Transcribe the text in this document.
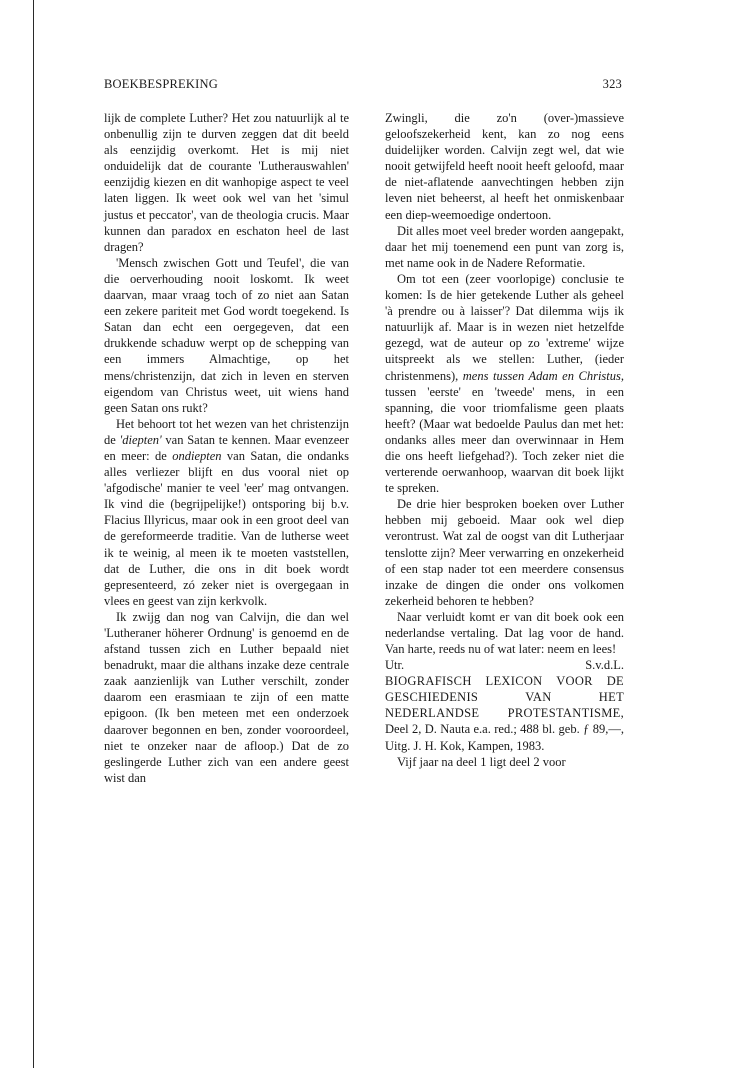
BOEKBESPREKING	323

lijk de complete Luther? Het zou natuurlijk al te onbenullig zijn te durven zeggen dat dit beeld als eenzijdig overkomt. Het is mij niet onduidelijk dat de courante 'Lutherauswahlen' eenzijdig kiezen en dit wanhopige aspect te veel laten liggen. Ik weet ook wel van het 'simul justus et peccator', van de theologia crucis. Maar kunnen dan paradox en eschaton heel de last dragen?

'Mensch zwischen Gott und Teufel', die van die oerverhouding nooit loskomt. Ik weet daarvan, maar vraag toch of zo niet aan Satan een zekere pariteit met God wordt toegekend. Is Satan dan echt een oergegeven, dat een drukkende schaduw werpt op de schepping van een immers Almachtige, op het mens/christenzijn, dat zich in leven en sterven eigendom van Christus weet, uit wiens hand geen Satan ons rukt?

Het behoort tot het wezen van het christenzijn de 'diepten' van Satan te kennen. Maar evenzeer en meer: de ondiepten van Satan, die ondanks alles verliezer blijft en dus vooral niet op 'afgodische' manier te veel 'eer' mag ontvangen. Ik vind die (begrijpelijke!) ontsporing bij b.v. Flacius Illyricus, maar ook in een groot deel van de gereformeerde traditie. Van de lutherse weet ik te weinig, al meen ik te moeten vaststellen, dat de Luther, die ons in dit boek wordt gepresenteerd, zó zeker niet is overgegaan in vlees en geest van zijn kerkvolk.

Ik zwijg dan nog van Calvijn, die dan wel 'Lutheraner höherer Ordnung' is genoemd en de afstand tussen zich en Luther bepaald niet benadrukt, maar die althans inzake deze centrale zaak aanzienlijk van Luther verschilt, zonder daarom een erasmiaan te zijn of een matte epigoon. (Ik ben meteen met een onderzoek daarover begonnen en ben, zonder vooroordeel, niet te onzeker naar de afloop.) Dat de zo geslingerde Luther zich van een andere geest wist dan

Zwingli, die zo'n (over-)massieve geloofszekerheid kent, kan zo nog eens duidelijker worden. Calvijn zegt wel, dat wie nooit getwijfeld heeft nooit heeft geloofd, maar de niet-aflatende aanvechtingen hebben zijn leven niet beheerst, al heeft het onmiskenbaar een diep-weemoedige ondertoon.

Dit alles moet veel breder worden aangepakt, daar het mij toenemend een punt van zorg is, met name ook in de Nadere Reformatie.

Om tot een (zeer voorlopige) conclusie te komen: Is de hier getekende Luther als geheel 'à prendre ou à laisser'? Dat dilemma wijs ik natuurlijk af. Maar is in wezen niet hetzelfde gezegd, wat de auteur op zo 'extreme' wijze uitspreekt als we stellen: Luther, (ieder christenmens), mens tussen Adam en Christus, tussen 'eerste' en 'tweede' mens, in een spanning, die voor triomfalisme geen plaats heeft? (Maar wat bedoelde Paulus dan met het: ondanks alles meer dan overwinnaar in Hem die ons heeft liefgehad?). Toch zeker niet die verterende oerwanhoop, waarvan dit boek lijkt te spreken.

De drie hier besproken boeken over Luther hebben mij geboeid. Maar ook wel diep verontrust. Wat zal de oogst van dit Lutherjaar tenslotte zijn? Meer verwarring en onzekerheid of een stap nader tot een meerdere consensus inzake de dingen die onder ons volkomen zekerheid behoren te hebben?

Naar verluidt komt er van dit boek ook een nederlandse vertaling. Dat lag voor de hand. Van harte, reeds nu of wat later: neem en lees!

Utr.	S.v.d.L.

BIOGRAFISCH LEXICON VOOR DE GESCHIEDENIS VAN HET NEDERLANDSE PROTESTANTISME, Deel 2, D. Nauta e.a. red.; 488 bl. geb. ƒ 89,—, Uitg. J. H. Kok, Kampen, 1983.

Vijf jaar na deel 1 ligt deel 2 voor
